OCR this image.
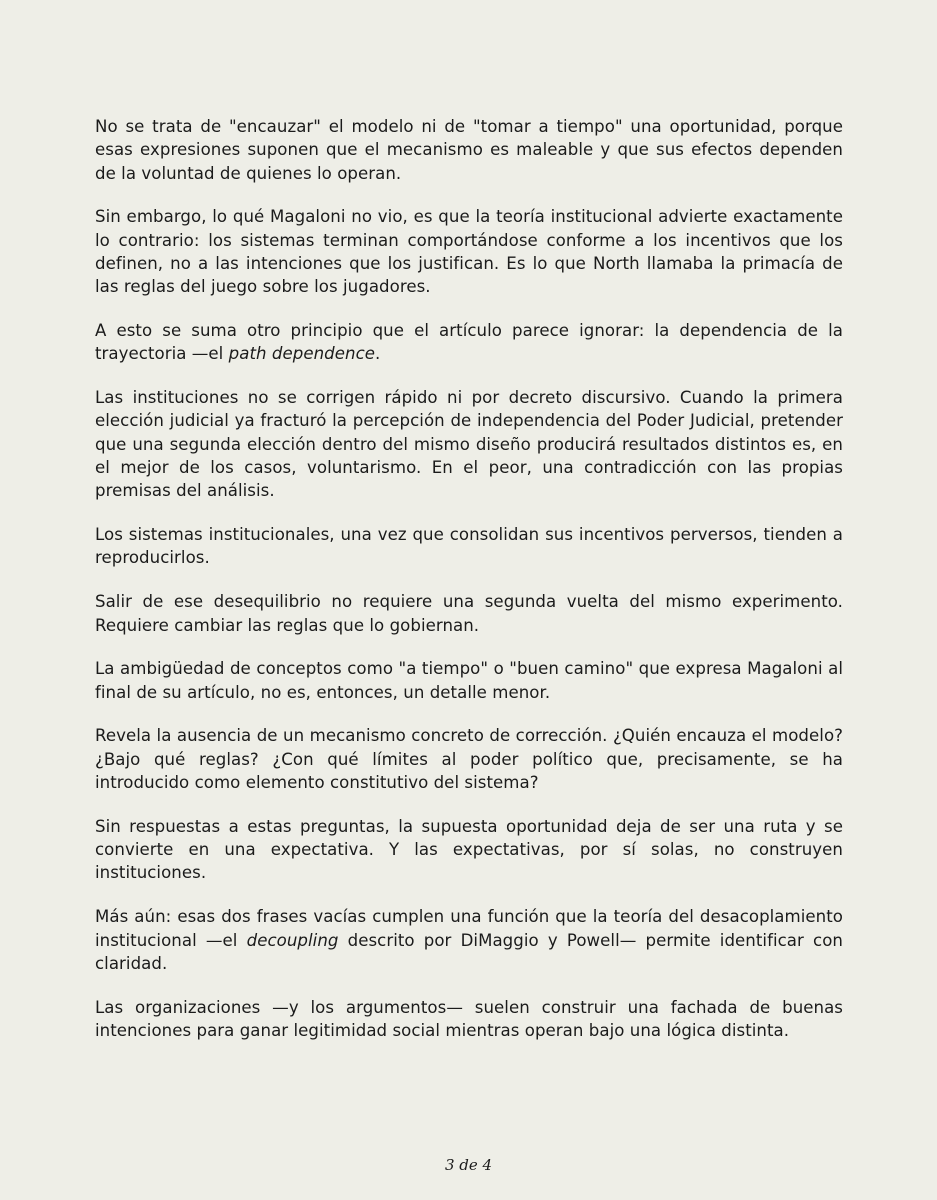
No se trata de "encauzar" el modelo ni de "tomar a tiempo" una oportunidad, porque esas expresiones suponen que el mecanismo es maleable y que sus efectos dependen de la voluntad de quienes lo operan.

Sin embargo, lo qué Magaloni no vio, es que la teoría institucional advierte exactamente lo contrario: los sistemas terminan comportándose conforme a los incentivos que los definen, no a las intenciones que los justifican. Es lo que North llamaba la primacía de las reglas del juego sobre los jugadores.

A esto se suma otro principio que el artículo parece ignorar: la dependencia de la trayectoria —el path dependence.

Las instituciones no se corrigen rápido ni por decreto discursivo. Cuando la primera elección judicial ya fracturó la percepción de independencia del Poder Judicial, pretender que una segunda elección dentro del mismo diseño producirá resultados distintos es, en el mejor de los casos, voluntarismo. En el peor, una contradicción con las propias premisas del análisis.

Los sistemas institucionales, una vez que consolidan sus incentivos perversos, tienden a reproducirlos.

Salir de ese desequilibrio no requiere una segunda vuelta del mismo experimento. Requiere cambiar las reglas que lo gobiernan.

La ambigüedad de conceptos como "a tiempo" o "buen camino" que expresa Magaloni al final de su artículo, no es, entonces, un detalle menor.

Revela la ausencia de un mecanismo concreto de corrección. ¿Quién encauza el modelo? ¿Bajo qué reglas? ¿Con qué límites al poder político que, precisamente, se ha introducido como elemento constitutivo del sistema?

Sin respuestas a estas preguntas, la supuesta oportunidad deja de ser una ruta y se convierte en una expectativa. Y las expectativas, por sí solas, no construyen instituciones.

Más aún: esas dos frases vacías cumplen una función que la teoría del desacoplamiento institucional —el decoupling descrito por DiMaggio y Powell— permite identificar con claridad.

Las organizaciones —y los argumentos— suelen construir una fachada de buenas intenciones para ganar legitimidad social mientras operan bajo una lógica distinta.

3 de 4
